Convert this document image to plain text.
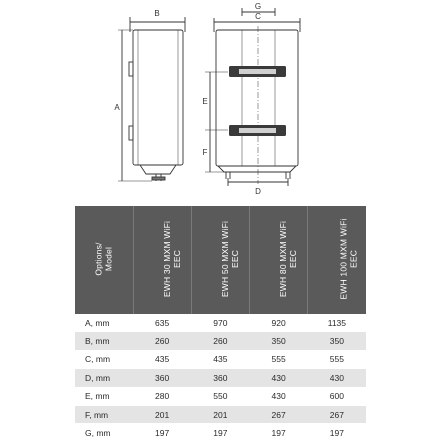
B
A
G
C
E
F
D
Options/ Model	EWH 30 MXM WiFi EEC	EWH 50 MXM WiFi EEC	EWH 80 MXM WiFi EEC	EWH 100 MXM WiFi EEC

A, mm	635	970	920	1135
B, mm	260	260	350	350
C, mm	435	435	555	555
D, mm	360	360	430	430
E, mm	280	550	430	600
F, mm	201	201	267	267
G, mm	197	197	197	197
